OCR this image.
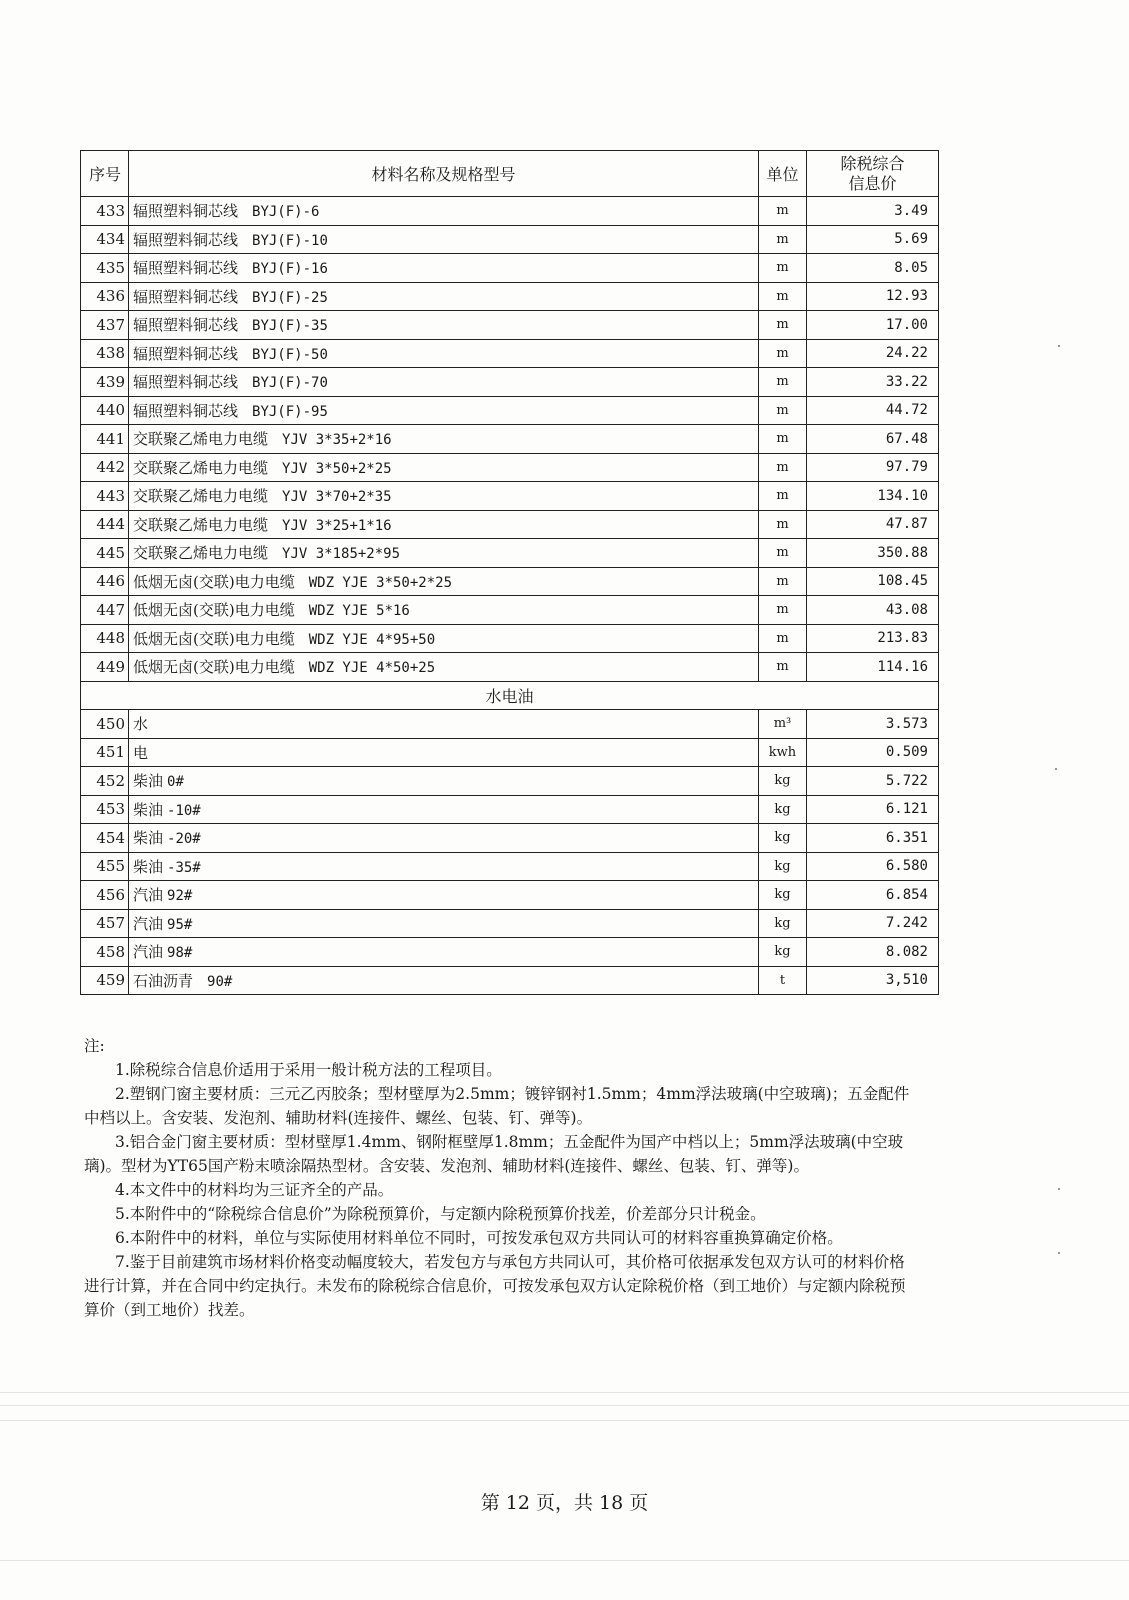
序号	材料名称及规格型号	单位	除税综合
信息价
433	辐照塑料铜芯线 BYJ(F)-6	m	3.49
434	辐照塑料铜芯线 BYJ(F)-10	m	5.69
435	辐照塑料铜芯线 BYJ(F)-16	m	8.05
436	辐照塑料铜芯线 BYJ(F)-25	m	12.93
437	辐照塑料铜芯线 BYJ(F)-35	m	17.00
438	辐照塑料铜芯线 BYJ(F)-50	m	24.22
439	辐照塑料铜芯线 BYJ(F)-70	m	33.22
440	辐照塑料铜芯线 BYJ(F)-95	m	44.72
441	交联聚乙烯电力电缆 YJV 3*35+2*16	m	67.48
442	交联聚乙烯电力电缆 YJV 3*50+2*25	m	97.79
443	交联聚乙烯电力电缆 YJV 3*70+2*35	m	134.10
444	交联聚乙烯电力电缆 YJV 3*25+1*16	m	47.87
445	交联聚乙烯电力电缆 YJV 3*185+2*95	m	350.88
446	低烟无卤(交联)电力电缆 WDZ YJE 3*50+2*25	m	108.45
447	低烟无卤(交联)电力电缆 WDZ YJE 5*16	m	43.08
448	低烟无卤(交联)电力电缆 WDZ YJE 4*95+50	m	213.83
449	低烟无卤(交联)电力电缆 WDZ YJE 4*50+25	m	114.16
水电油			
450	水	m³	3.573
451	电	kwh	0.509
452	柴油 0#	kg	5.722
453	柴油 -10#	kg	6.121
454	柴油 -20#	kg	6.351
455	柴油 -35#	kg	6.580
456	汽油 92#	kg	6.854
457	汽油 95#	kg	7.242
458	汽油 98#	kg	8.082
459	石油沥青 90#	t	3,510

注:

1.除税综合信息价适用于采用一般计税方法的工程项目。

2.塑钢门窗主要材质：三元乙丙胶条；型材壁厚为2.5mm；镀锌钢衬1.5mm；4mm浮法玻璃(中空玻璃)；五金配件中档以上。含安装、发泡剂、辅助材料(连接件、螺丝、包装、钉、弹等)。

3.铝合金门窗主要材质：型材壁厚1.4mm、钢附框壁厚1.8mm；五金配件为国产中档以上；5mm浮法玻璃(中空玻璃)。型材为YT65国产粉末喷涂隔热型材。含安装、发泡剂、辅助材料(连接件、螺丝、包装、钉、弹等)。

4.本文件中的材料均为三证齐全的产品。

5.本附件中的“除税综合信息价”为除税预算价，与定额内除税预算价找差，价差部分只计税金。

6.本附件中的材料，单位与实际使用材料单位不同时，可按发承包双方共同认可的材料容重换算确定价格。

7.鉴于目前建筑市场材料价格变动幅度较大，若发包方与承包方共同认可，其价格可依据承发包双方认可的材料价格进行计算，并在合同中约定执行。未发布的除税综合信息价，可按发承包双方认定除税价格（到工地价）与定额内除税预算价（到工地价）找差。

第 12 页，共 18 页
